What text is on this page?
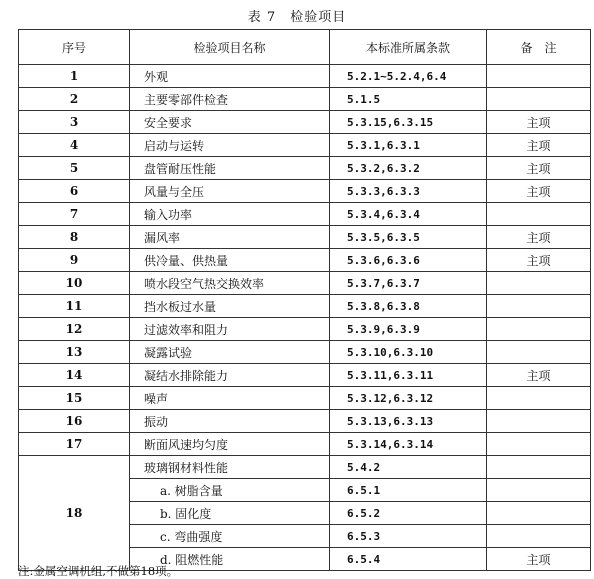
表 7　检验项目
序号	检验项目名称	本标准所属条款	备　注
1	外观	5.2.1~5.2.4,6.4	
2	主要零部件检查	5.1.5	
3	安全要求	5.3.15,6.3.15	主项
4	启动与运转	5.3.1,6.3.1	主项
5	盘管耐压性能	5.3.2,6.3.2	主项
6	风量与全压	5.3.3,6.3.3	主项
7	输入功率	5.3.4,6.3.4	
8	漏风率	5.3.5,6.3.5	主项
9	供冷量、供热量	5.3.6,6.3.6	主项
10	喷水段空气热交换效率	5.3.7,6.3.7	
11	挡水板过水量	5.3.8,6.3.8	
12	过滤效率和阻力	5.3.9,6.3.9	
13	凝露试验	5.3.10,6.3.10	
14	凝结水排除能力	5.3.11,6.3.11	主项
15	噪声	5.3.12,6.3.12	
16	振动	5.3.13,6.3.13	
17	断面风速均匀度	5.3.14,6.3.14	
18	玻璃钢材料性能	5.4.2	
	a. 树脂含量	6.5.1	
	b. 固化度	6.5.2	
	c. 弯曲强度	6.5.3	
	d. 阻燃性能	6.5.4	主项
注:金属空调机组,不做第18项。
